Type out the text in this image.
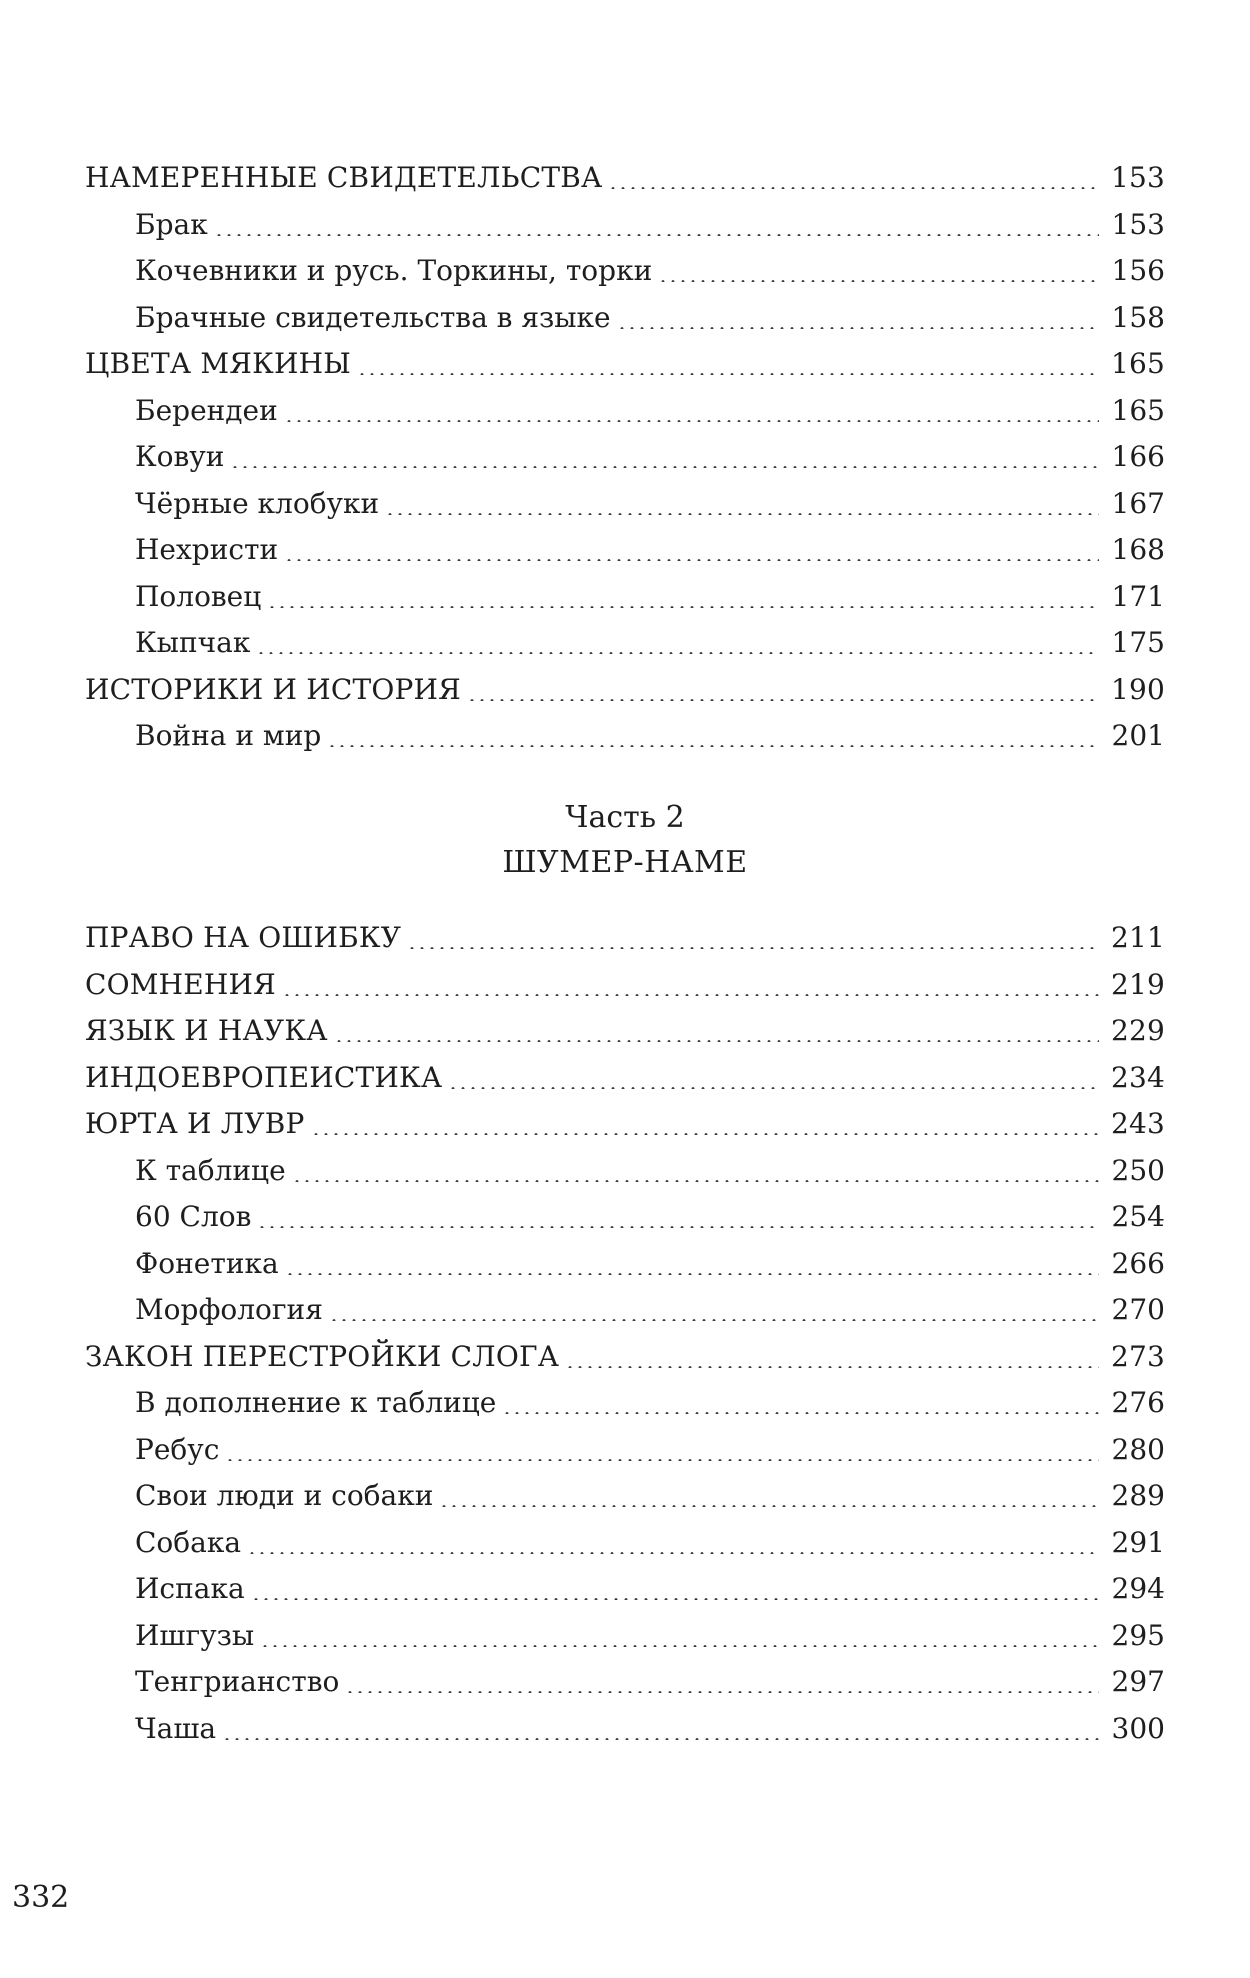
НАМЕРЕННЫЕ СВИДЕТЕЛЬСТВА	153
Брак	153
Кочевники и русь. Торкины, торки	156
Брачные свидетельства в языке	158
ЦВЕТА МЯКИНЫ	165
Берендеи	165
Ковуи	166
Чёрные клобуки	167
Нехристи	168
Половец	171
Кыпчак	175
ИСТОРИКИ И ИСТОРИЯ	190
Война и мир	201
Часть 2
ШУМЕР-НАМЕ
ПРАВО НА ОШИБКУ	211
СОМНЕНИЯ	219
ЯЗЫК И НАУКА	229
ИНДОЕВРОПЕИСТИКА	234
ЮРТА И ЛУВР	243
К таблице	250
60 Слов	254
Фонетика	266
Морфология	270
ЗАКОН ПЕРЕСТРОЙКИ СЛОГА	273
В дополнение к таблице	276
Ребус	280
Свои люди и собаки	289
Собака	291
Испака	294
Ишгузы	295
Тенгрианство	297
Чаша	300
332
